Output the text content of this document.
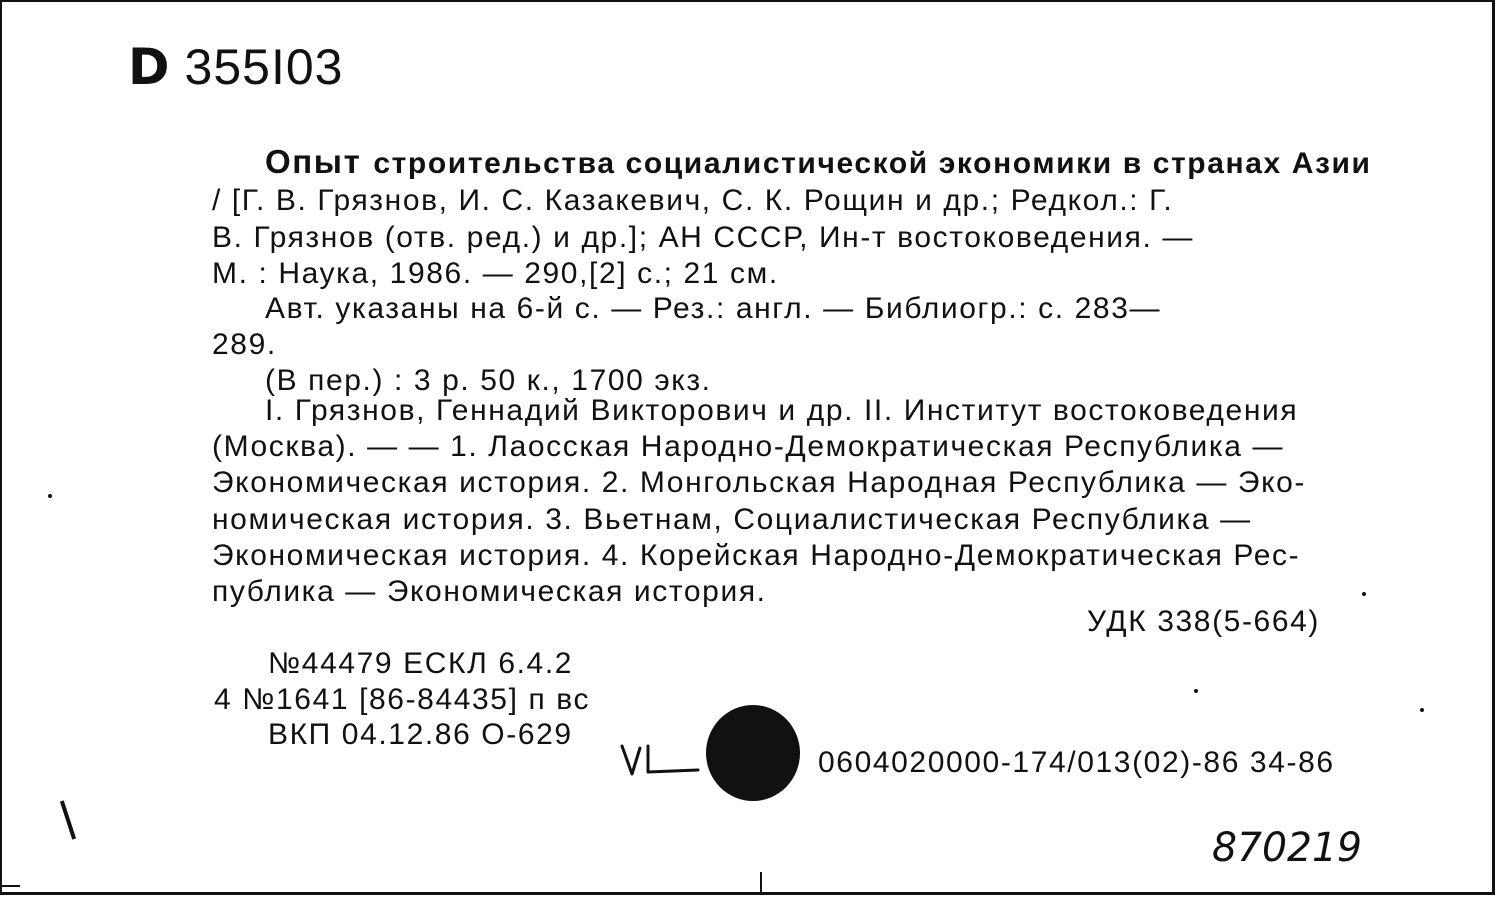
D 355I03
Опыт строительства социалистической экономики в странах Азии
/ [Г. В. Грязнов, И. С. Казакевич, С. К. Рощин и др.; Редкол.: Г.
В. Грязнов (отв. ред.) и др.]; АН СССР, Ин-т востоковедения. —
М. : Наука, 1986. — 290,[2] с.; 21 см.
Авт. указаны на 6-й с. — Рез.: англ. — Библиогр.: с. 283—
289.
(В пер.) : 3 р. 50 к., 1700 экз.
I. Грязнов, Геннадий Викторович и др. II. Институт востоковедения
(Москва). — — 1. Лаосская Народно-Демократическая Республика —
Экономическая история. 2. Монгольская Народная Республика — Эко-
номическая история. 3. Вьетнам, Социалистическая Республика —
Экономическая история. 4. Корейская Народно-Демократическая Рес-
публика — Экономическая история.
УДК 338(5-664)
№44479 ЕСКЛ 6.4.2
4 №1641 [86-84435] п вс
ВКП 04.12.86 О-629
0604020000-174/013(02)-86 34-86
870219
